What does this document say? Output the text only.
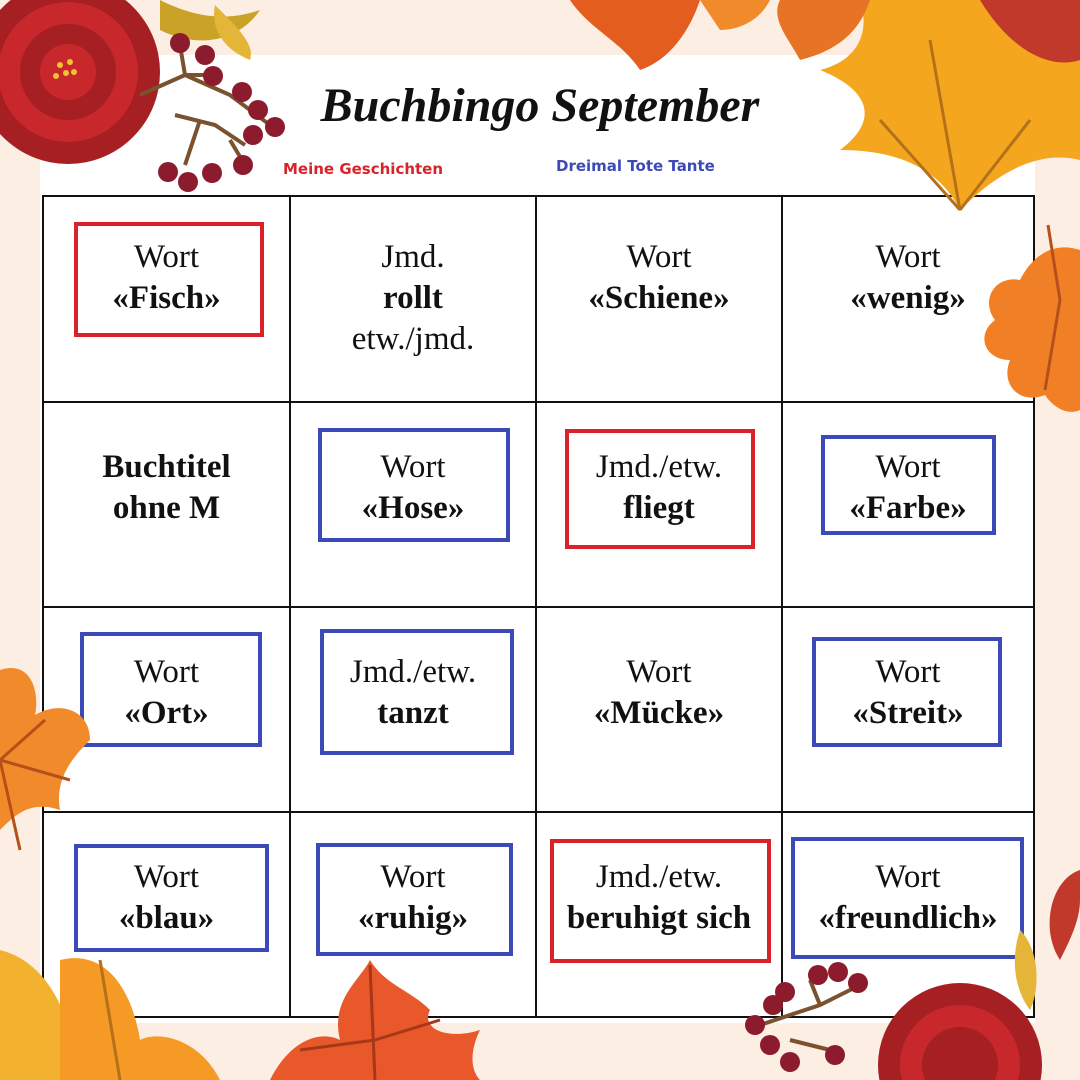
Buchbingo September
Meine Geschichten	Dreimal Tote Tante
Wort
«Fisch»
Jmd.
rollt
etw./jmd.
Wort
«Schiene»
Wort
«wenig»
Buchtitel
ohne M
Wort
«Hose»
Jmd./etw.
fliegt
Wort
«Farbe»
Wort
«Ort»
Jmd./etw.
tanzt
Wort
«Mücke»
Wort
«Streit»
Wort
«blau»
Wort
«ruhig»
Jmd./etw.
beruhigt sich
Wort
«freundlich»
